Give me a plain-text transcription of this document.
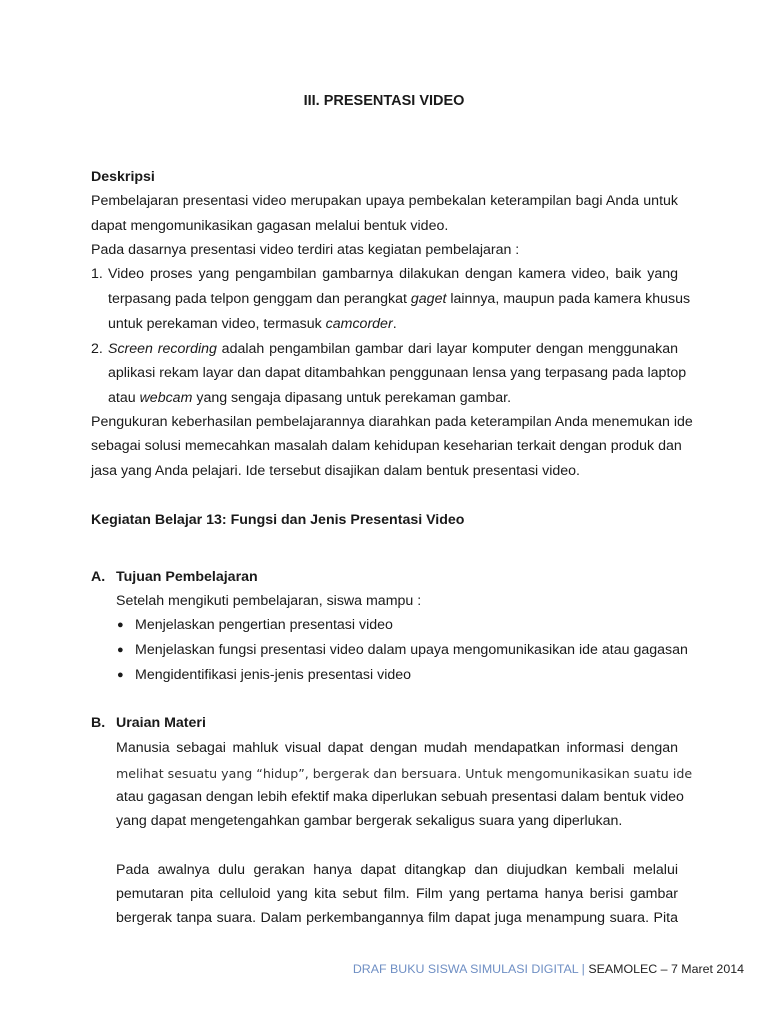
III. PRESENTASI VIDEO
Deskripsi
Pembelajaran presentasi video merupakan upaya pembekalan keterampilan bagi Anda untuk
dapat mengomunikasikan gagasan melalui bentuk video.
Pada dasarnya presentasi video terdiri atas kegiatan pembelajaran :
1. Video proses yang pengambilan gambarnya dilakukan dengan kamera video, baik yang
terpasang pada telpon genggam dan perangkat gaget lainnya, maupun pada kamera khusus
untuk perekaman video, termasuk camcorder.
2. Screen recording adalah pengambilan gambar dari layar komputer dengan menggunakan
aplikasi rekam layar dan dapat ditambahkan penggunaan lensa yang terpasang pada laptop
atau webcam yang sengaja dipasang untuk perekaman gambar.
Pengukuran keberhasilan pembelajarannya diarahkan pada keterampilan Anda menemukan ide
sebagai solusi memecahkan masalah dalam kehidupan keseharian terkait dengan produk dan
jasa yang Anda pelajari. Ide tersebut disajikan dalam bentuk presentasi video.
Kegiatan Belajar 13: Fungsi dan Jenis Presentasi Video
A. Tujuan Pembelajaran
Setelah mengikuti pembelajaran, siswa mampu :
● Menjelaskan pengertian presentasi video
● Menjelaskan fungsi presentasi video dalam upaya mengomunikasikan ide atau gagasan
● Mengidentifikasi jenis-jenis presentasi video
B. Uraian Materi
Manusia sebagai mahluk visual dapat dengan mudah mendapatkan informasi dengan
melihat sesuatu yang “hidup”, bergerak dan bersuara. Untuk mengomunikasikan suatu ide
atau gagasan dengan lebih efektif maka diperlukan sebuah presentasi dalam bentuk video
yang dapat mengetengahkan gambar bergerak sekaligus suara yang diperlukan.
Pada awalnya dulu gerakan hanya dapat ditangkap dan diujudkan kembali melalui
pemutaran pita celluloid yang kita sebut film. Film yang pertama hanya berisi gambar
bergerak tanpa suara. Dalam perkembangannya film dapat juga menampung suara. Pita
DRAF BUKU SISWA SIMULASI DIGITAL | SEAMOLEC – 7 Maret 2014
